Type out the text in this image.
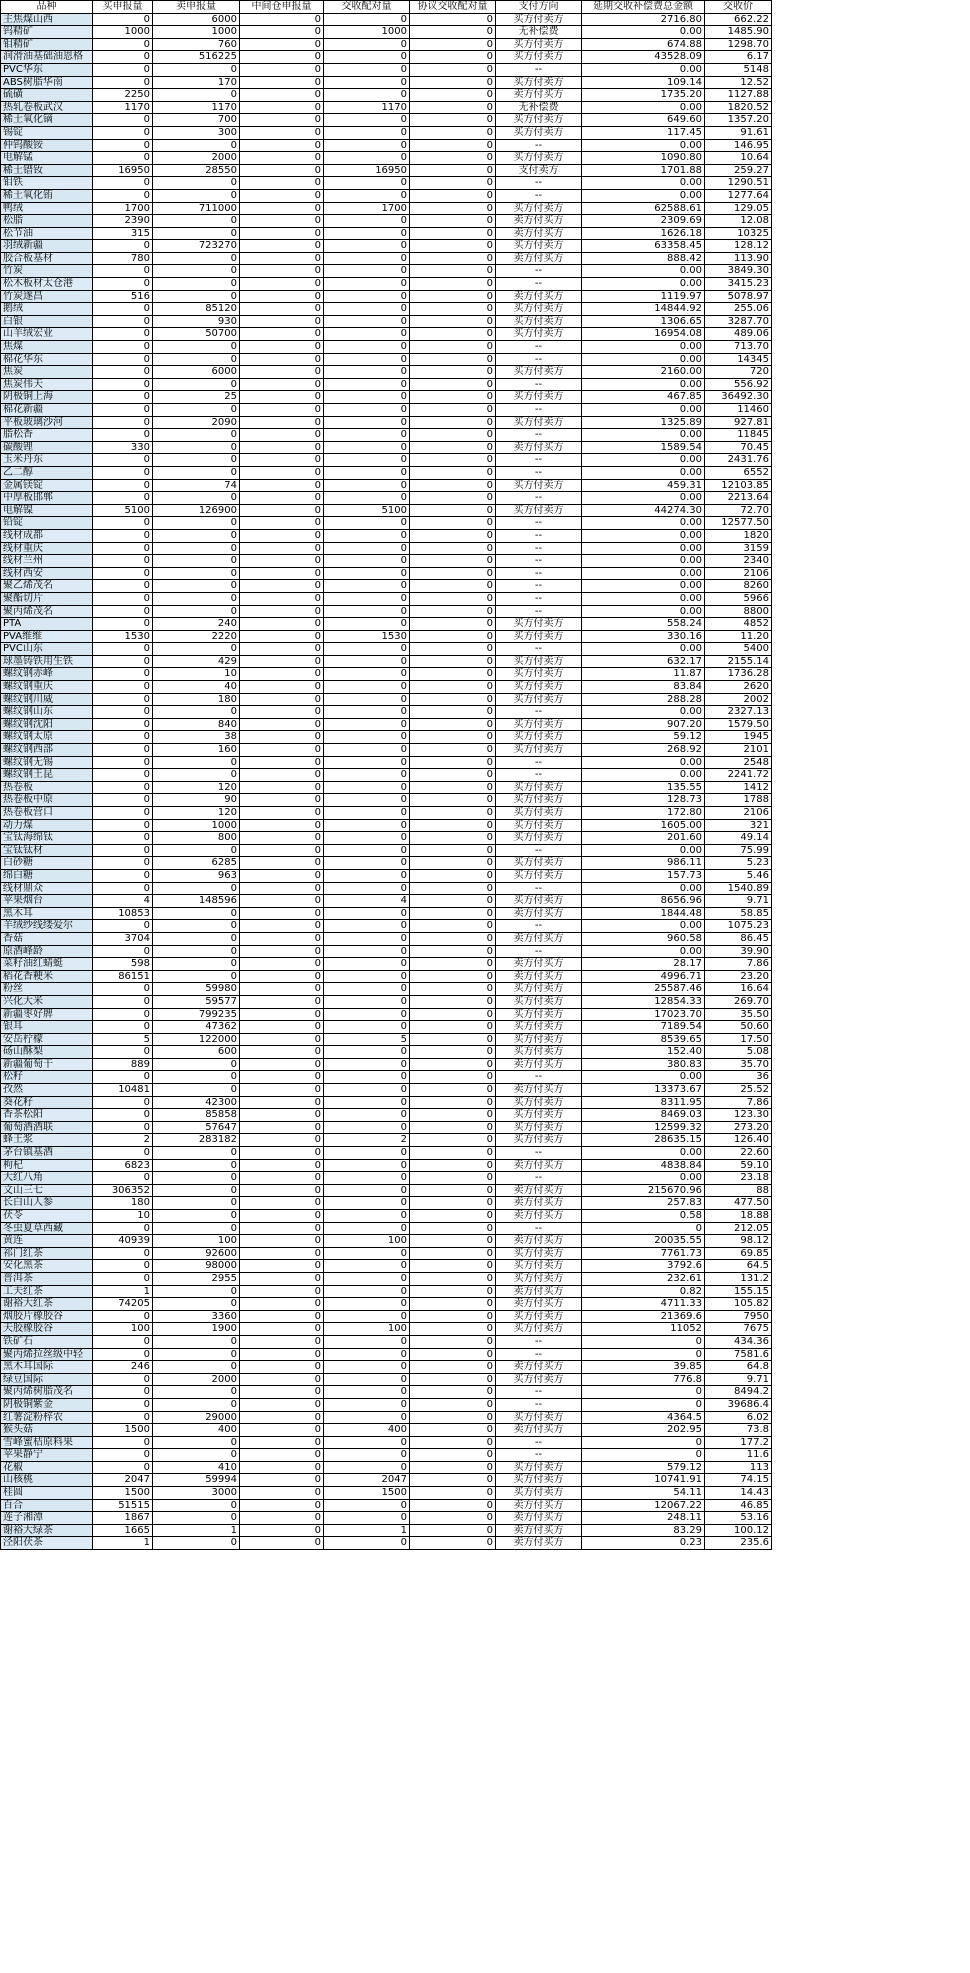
品种	买申报量	卖申报量	中间仓申报量	交收配对量	协议交收配对量	支付方向	延期交收补偿费总金额	交收价
主焦煤山西	0	6000	0	0	0	买方付卖方	2716.80	662.22
钨精矿	1000	1000	0	1000	0	无补偿费	0.00	1485.90
钼精矿	0	760	0	0	0	买方付卖方	674.88	1298.70
润滑油基础油恩格	0	516225	0	0	0	买方付卖方	43528.09	6.17
PVC华东	0	0	0	0	0	--	0.00	5148
ABS树脂华南	0	170	0	0	0	买方付卖方	109.14	12.52
硫磺	2250	0	0	0	0	卖方付买方	1735.20	1127.88
热轧卷板武汉	1170	1170	0	1170	0	无补偿费	0.00	1820.52
稀土氧化镝	0	700	0	0	0	买方付卖方	649.60	1357.20
锡锭	0	300	0	0	0	买方付卖方	117.45	91.61
仲钨酸铵	0	0	0	0	0	--	0.00	146.95
电解锰	0	2000	0	0	0	买方付卖方	1090.80	10.64
稀土镨钕	16950	28550	0	16950	0	支付卖方	1701.88	259.27
钼铁	0	0	0	0	0	--	0.00	1290.51
稀土氧化铕	0	0	0	0	0	--	0.00	1277.64
鸭绒	1700	711000	0	1700	0	买方付卖方	62588.61	129.05
松脂	2390	0	0	0	0	卖方付买方	2309.69	12.08
松节油	315	0	0	0	0	卖方付买方	1626.18	10325
羽绒新疆	0	723270	0	0	0	买方付卖方	63358.45	128.12
胶合板基材	780	0	0	0	0	卖方付买方	888.42	113.90
竹炭	0	0	0	0	0	--	0.00	3849.30
松木板材太仓港	0	0	0	0	0	--	0.00	3415.23
竹炭遂昌	516	0	0	0	0	卖方付买方	1119.97	5078.97
鹅绒	0	85120	0	0	0	买方付卖方	14844.92	255.06
白银	0	930	0	0	0	买方付卖方	1306.65	3287.70
山羊绒宏业	0	50700	0	0	0	买方付卖方	16954.08	489.06
焦煤	0	0	0	0	0	--	0.00	713.70
棉花华东	0	0	0	0	0	--	0.00	14345
焦炭	0	6000	0	0	0	买方付卖方	2160.00	720
焦炭伟天	0	0	0	0	0	--	0.00	556.92
阴极铜上海	0	25	0	0	0	买方付卖方	467.85	36492.30
棉花新疆	0	0	0	0	0	--	0.00	11460
平板玻璃沙河	0	2090	0	0	0	买方付卖方	1325.89	927.81
脂松香	0	0	0	0	0	--	0.00	11845
碳酸锂	330	0	0	0	0	卖方付买方	1589.54	70.45
玉米丹东	0	0	0	0	0	--	0.00	2431.76
乙二醇	0	0	0	0	0	--	0.00	6552
金属镁锭	0	74	0	0	0	买方付卖方	459.31	12103.85
中厚板邯郸	0	0	0	0	0	--	0.00	2213.64
电解镍	5100	126900	0	5100	0	买方付卖方	44274.30	72.70
铅锭	0	0	0	0	0	--	0.00	12577.50
线材成都	0	0	0	0	0	--	0.00	1820
线材重庆	0	0	0	0	0	--	0.00	3159
线材兰州	0	0	0	0	0	--	0.00	2340
线材西安	0	0	0	0	0	--	0.00	2106
聚乙烯茂名	0	0	0	0	0	--	0.00	8260
聚酯切片	0	0	0	0	0	--	0.00	5966
聚丙烯茂名	0	0	0	0	0	--	0.00	8800
PTA	0	240	0	0	0	买方付卖方	558.24	4852
PVA维维	1530	2220	0	1530	0	买方付卖方	330.16	11.20
PVC山东	0	0	0	0	0	--	0.00	5400
球墨铸铁用生铁	0	429	0	0	0	买方付卖方	632.17	2155.14
螺纹钢赤峰	0	10	0	0	0	买方付卖方	11.87	1736.28
螺纹钢重庆	0	40	0	0	0	买方付卖方	83.84	2620
螺纹钢川威	0	180	0	0	0	买方付卖方	288.28	2002
螺纹钢山东	0	0	0	0	0	--	0.00	2327.13
螺纹钢沈阳	0	840	0	0	0	买方付卖方	907.20	1579.50
螺纹钢太原	0	38	0	0	0	买方付卖方	59.12	1945
螺纹钢西部	0	160	0	0	0	买方付卖方	268.92	2101
螺纹钢无锡	0	0	0	0	0	--	0.00	2548
螺纹钢王昆	0	0	0	0	0	--	0.00	2241.72
热卷板	0	120	0	0	0	买方付卖方	135.55	1412
热卷板中原	0	90	0	0	0	买方付卖方	128.73	1788
热卷板营口	0	120	0	0	0	买方付卖方	172.80	2106
动力煤	0	1000	0	0	0	买方付卖方	1605.00	321
宝钛海绵钛	0	800	0	0	0	买方付卖方	201.60	49.14
宝钛钛材	0	0	0	0	0	--	0.00	75.99
白砂糖	0	6285	0	0	0	买方付卖方	986.11	5.23
绵白糖	0	963	0	0	0	买方付卖方	157.73	5.46
线材鼎众	0	0	0	0	0	--	0.00	1540.89
苹果烟台	4	148596	0	4	0	买方付卖方	8656.96	9.71
黑木耳	10853	0	0	0	0	卖方付买方	1844.48	58.85
羊绒纱线缕爱尔	0	0	0	0	0	--	0.00	1075.23
香菇	3704	0	0	0	0	卖方付买方	960.58	86.45
原酒峰龄	0	0	0	0	0	--	0.00	39.90
菜籽油红蜻蜓	598	0	0	0	0	卖方付买方	28.17	7.86
稻花香粳米	86151	0	0	0	0	卖方付买方	4996.71	23.20
粉丝	0	59980	0	0	0	买方付卖方	25587.46	16.64
兴化大米	0	59577	0	0	0	买方付卖方	12854.33	269.70
新疆枣好牌	0	799235	0	0	0	买方付卖方	17023.70	35.50
银耳	0	47362	0	0	0	买方付卖方	7189.54	50.60
安岳柠檬	5	122000	0	5	0	买方付卖方	8539.65	17.50
砀山酥梨	0	600	0	0	0	买方付卖方	152.40	5.08
新疆葡萄干	889	0	0	0	0	卖方付买方	380.83	35.70
松籽	0	0	0	0	0	--	0.00	36
孜然	10481	0	0	0	0	卖方付买方	13373.67	25.52
葵花籽	0	42300	0	0	0	买方付卖方	8311.95	7.86
香茶松阳	0	85858	0	0	0	买方付卖方	8469.03	123.30
葡萄酒酒联	0	57647	0	0	0	买方付卖方	12599.32	273.20
蜂王浆	2	283182	0	2	0	买方付卖方	28635.15	126.40
茅台镇基酒	0	0	0	0	0	--	0.00	22.60
枸杞	6823	0	0	0	0	卖方付买方	4838.84	59.10
大红八角	0	0	0	0	0	--	0.00	23.18
文山三七	306352	0	0	0	0	卖方付买方	215670.96	88
长白山人参	180	0	0	0	0	卖方付买方	257.83	477.50
茯苓	10	0	0	0	0	卖方付买方	0.58	18.88
冬虫夏草西藏	0	0	0	0	0	--	0	212.05
黄连	40939	100	0	100	0	卖方付买方	20035.55	98.12
祁门红茶	0	92600	0	0	0	买方付卖方	7761.73	69.85
安化黑茶	0	98000	0	0	0	买方付卖方	3792.6	64.5
普洱茶	0	2955	0	0	0	买方付卖方	232.61	131.2
工夫红茶	1	0	0	0	0	卖方付买方	0.82	155.15
谢裕大红茶	74205	0	0	0	0	卖方付买方	4711.33	105.82
烟胶片橡胶谷	0	3360	0	0	0	买方付卖方	21369.6	7950
天胶橡胶谷	100	1900	0	100	0	买方付卖方	11052	7675
铁矿石	0	0	0	0	0	--	0	434.36
聚丙烯拉丝级中轻	0	0	0	0	0	--	0	7581.6
黑木耳国际	246	0	0	0	0	卖方付买方	39.85	64.8
绿豆国际	0	2000	0	0	0	买方付卖方	776.8	9.71
聚丙烯树脂茂名	0	0	0	0	0	--	0	8494.2
阴极铜紫金	0	0	0	0	0	--	0	39686.4
红薯淀粉梓农	0	29000	0	0	0	买方付卖方	4364.5	6.02
猴头菇	1500	400	0	400	0	卖方付买方	202.95	73.8
雪峰蜜桔原料果	0	0	0	0	0	--	0	177.2
苹果静宁	0	0	0	0	0	--	0	11.6
花椒	0	410	0	0	0	买方付卖方	579.12	113
山核桃	2047	59994	0	2047	0	买方付卖方	10741.91	74.15
桂圆	1500	3000	0	1500	0	买方付卖方	54.11	14.43
百合	51515	0	0	0	0	卖方付买方	12067.22	46.85
莲子湘潭	1867	0	0	0	0	卖方付买方	248.11	53.16
谢裕大绿茶	1665	1	0	1	0	卖方付买方	83.29	100.12
泾阳茯茶	1	0	0	0	0	卖方付买方	0.23	235.6
